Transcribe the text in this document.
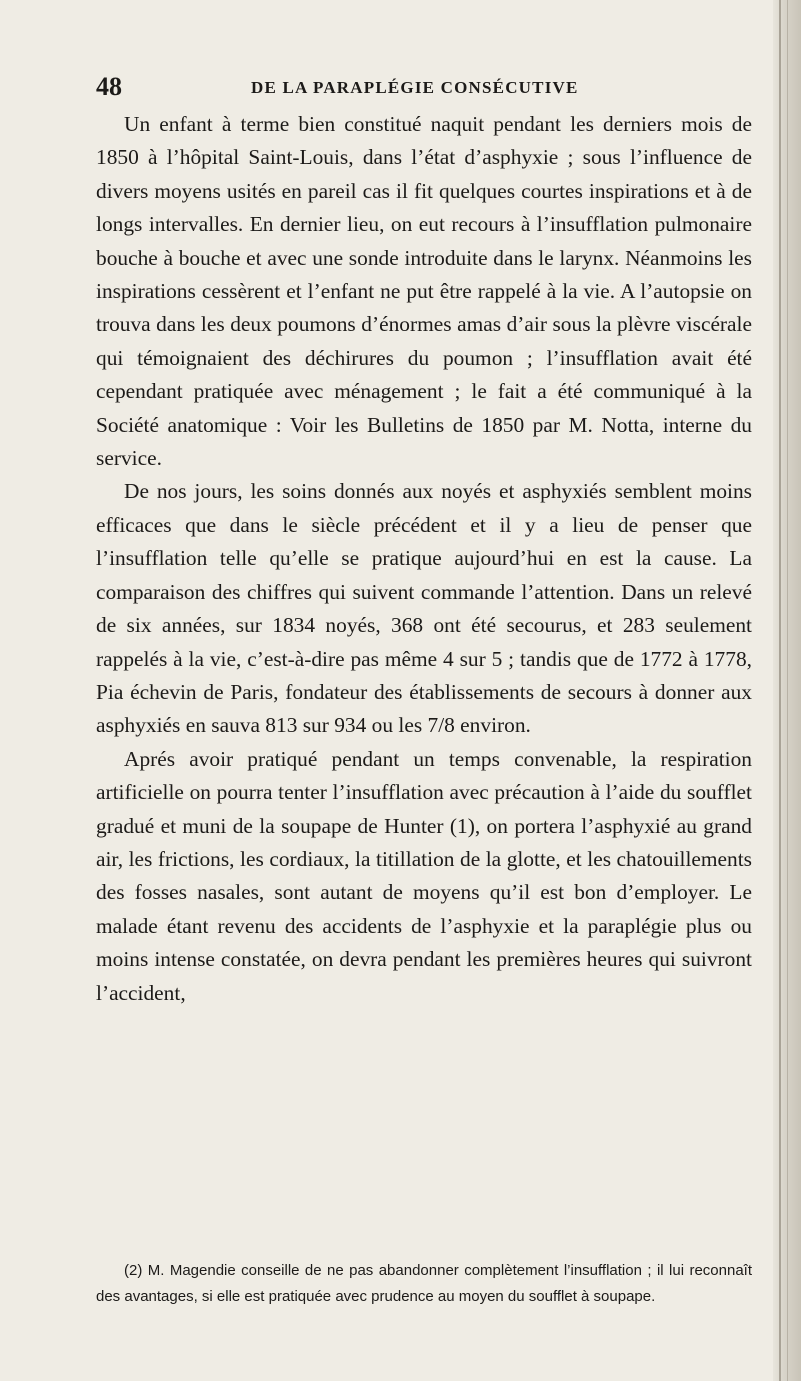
48	DE LA PARAPLÉGIE CONSÉCUTIVE

Un enfant à terme bien constitué naquit pendant les derniers mois de 1850 à l’hôpital Saint-Louis, dans l’état d’asphyxie ; sous l’influence de divers moyens usités en pareil cas il fit quelques courtes inspirations et à de longs intervalles. En dernier lieu, on eut recours à l’insufflation pulmonaire bouche à bouche et avec une sonde introduite dans le larynx. Néanmoins les inspirations cessèrent et l’enfant ne put être rappelé à la vie. A l’autopsie on trouva dans les deux poumons d’énormes amas d’air sous la plèvre viscérale qui témoignaient des déchirures du poumon ; l’insufflation avait été cependant pratiquée avec ménagement ; le fait a été communiqué à la Société anatomique : Voir les Bulletins de 1850 par M. Notta, interne du service.

De nos jours, les soins donnés aux noyés et asphyxiés semblent moins efficaces que dans le siècle précédent et il y a lieu de penser que l’insufflation telle qu’elle se pratique aujourd’hui en est la cause. La comparaison des chiffres qui suivent commande l’attention. Dans un relevé de six années, sur 1834 noyés, 368 ont été secourus, et 283 seulement rappelés à la vie, c’est-à-dire pas même 4 sur 5 ; tandis que de 1772 à 1778, Pia échevin de Paris, fondateur des établissements de secours à donner aux asphyxiés en sauva 813 sur 934 ou les 7/8 environ.

Aprés avoir pratiqué pendant un temps convenable, la respiration artificielle on pourra tenter l’insufflation avec précaution à l’aide du soufflet gradué et muni de la soupape de Hunter (1), on portera l’asphyxié au grand air, les frictions, les cordiaux, la titillation de la glotte, et les chatouillements des fosses nasales, sont autant de moyens qu’il est bon d’employer. Le malade étant revenu des accidents de l’asphyxie et la paraplégie plus ou moins intense constatée, on devra pendant les premières heures qui suivront l’accident,

(2) M. Magendie conseille de ne pas abandonner complètement l’insufflation ; il lui reconnaît des avantages, si elle est pratiquée avec prudence au moyen du soufflet à soupape.
